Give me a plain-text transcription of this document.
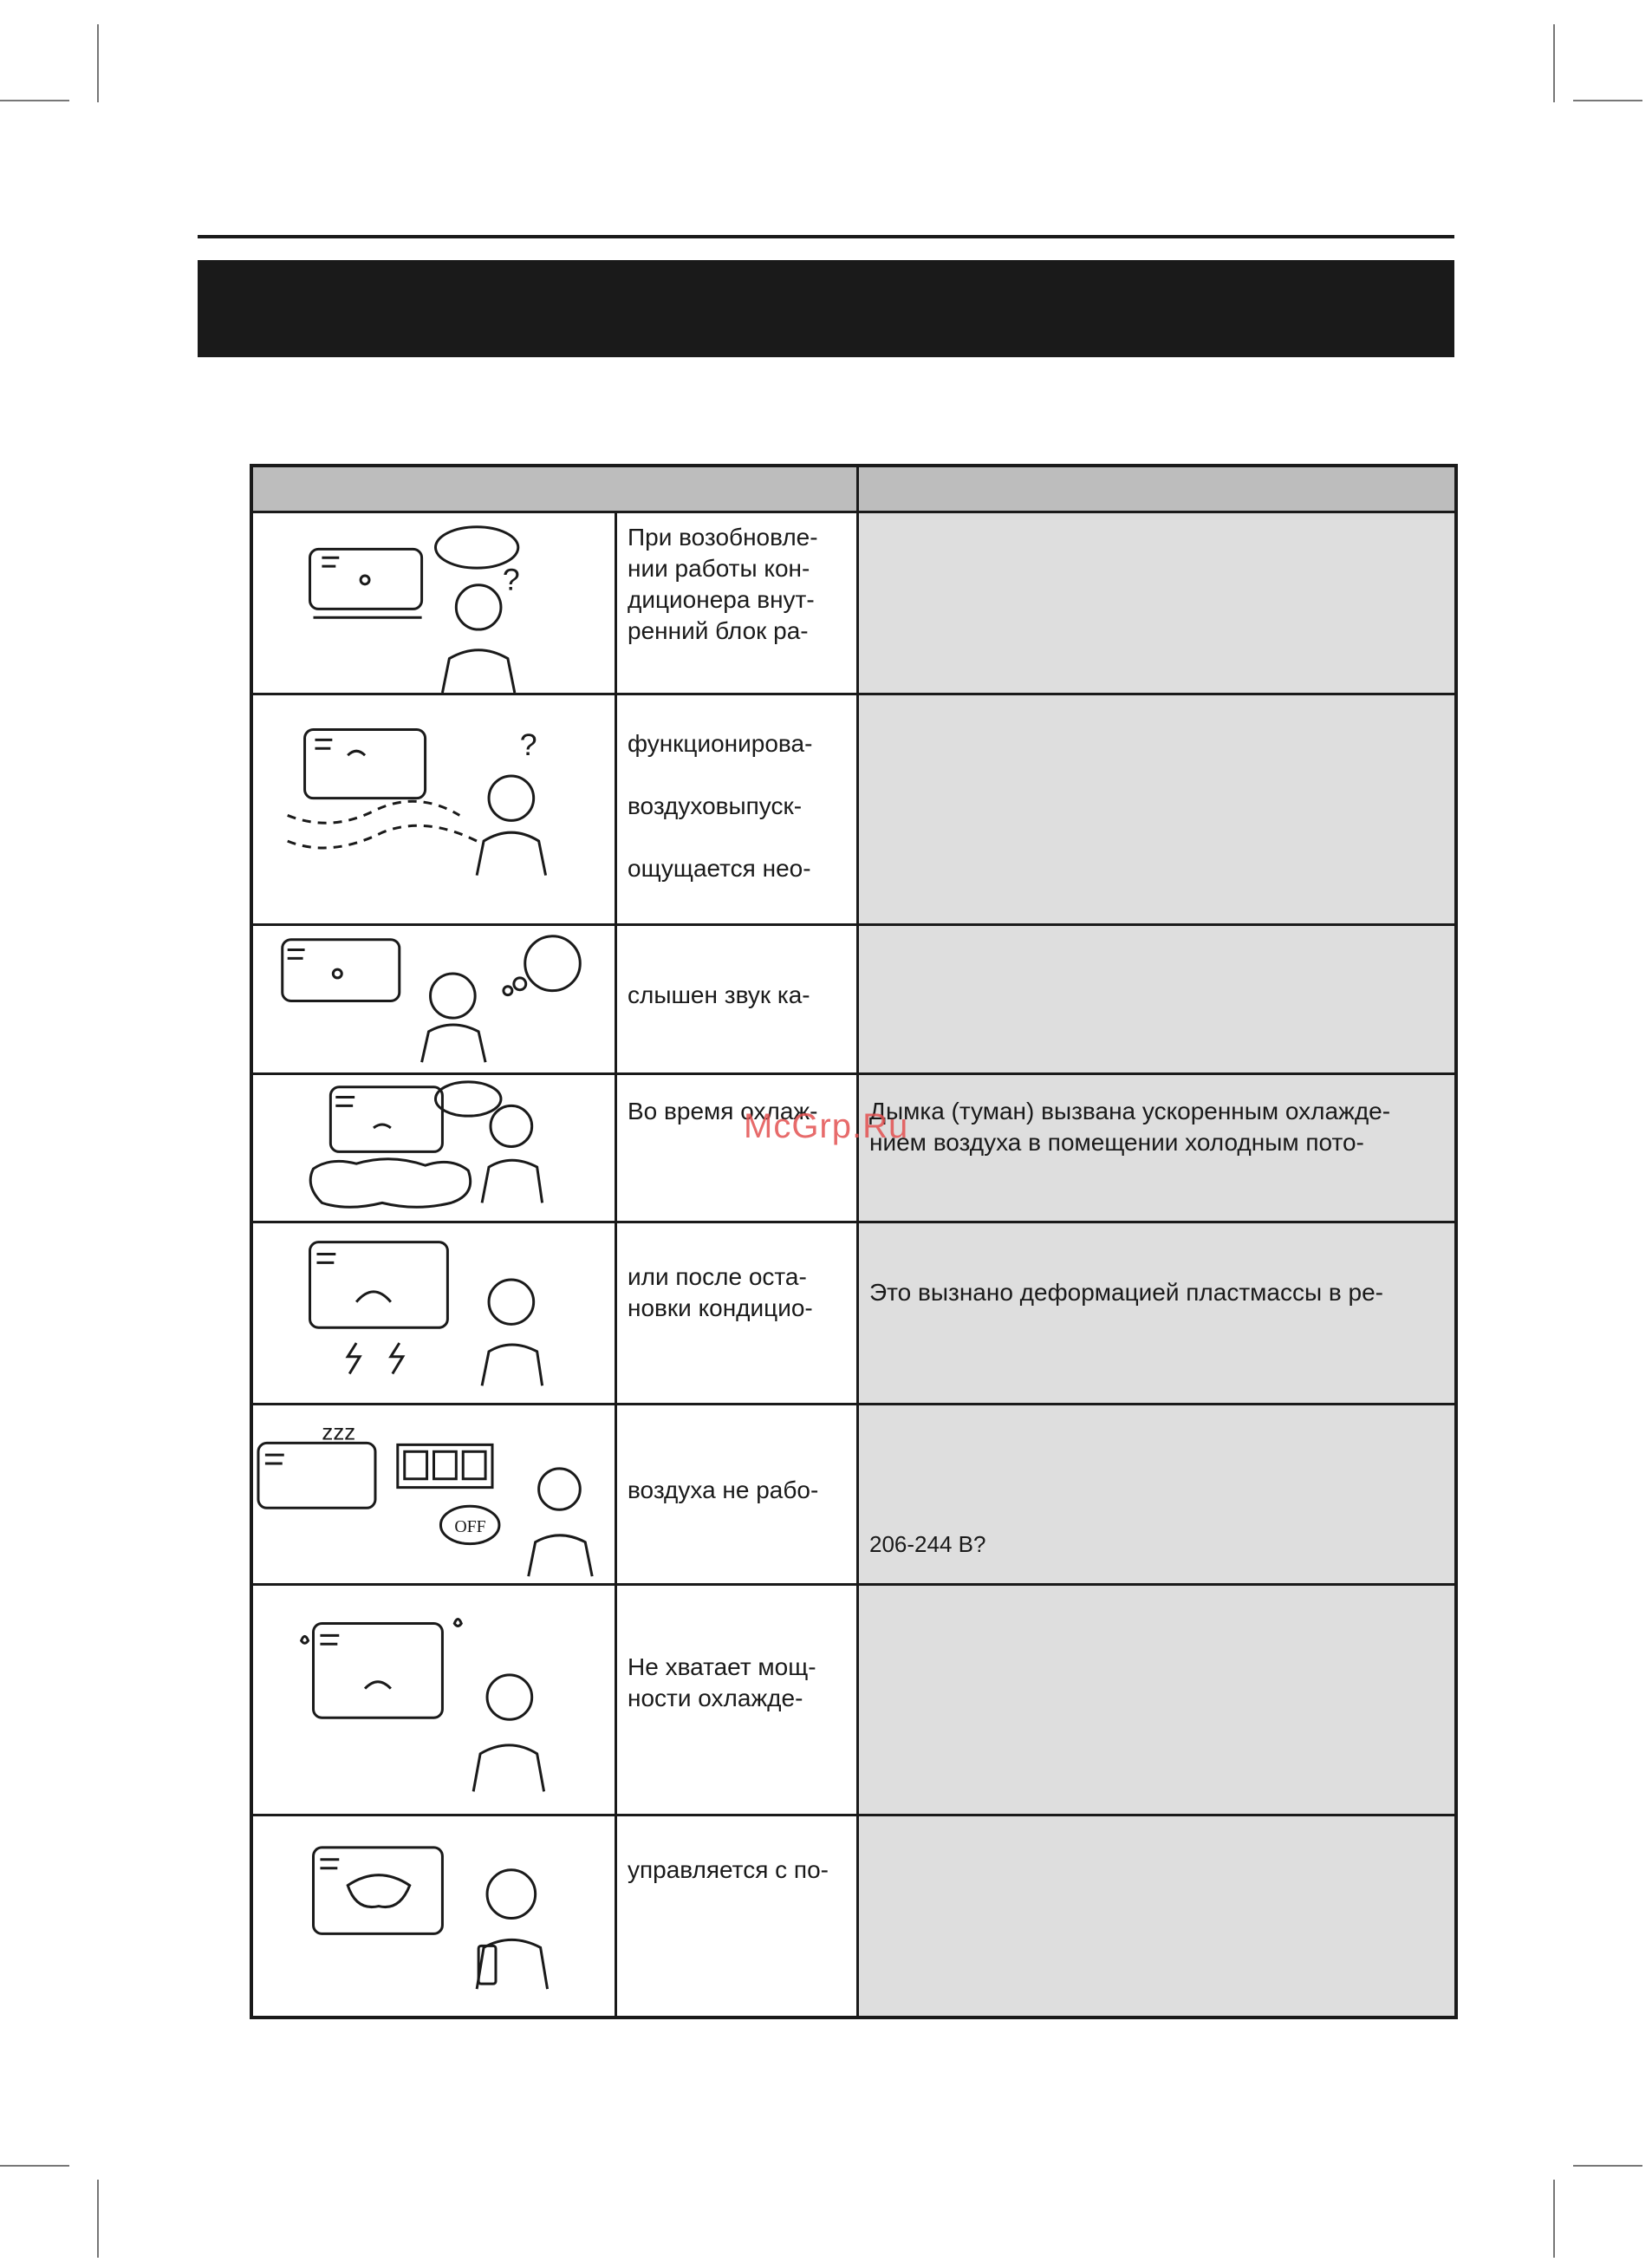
?

При возобновле-

нии работы кон-

диционера внут-

ренний блок ра-

?	функционирова-

воздуховыпуск-

ощущается нео-

слышен звук ка-

Во время охлаж-	Дымка (туман) вызвана ускоренным охлажде-

нием воздуха в помещении холодным пото-

или после оста-

новки кондицио-

Это вызнано деформацией пластмассы в ре-

zzz
OFF

воздуха не рабо-

206-244 В?

Не хватает мощ-

ности охлажде-

управляется с по-

McGrp.Ru
